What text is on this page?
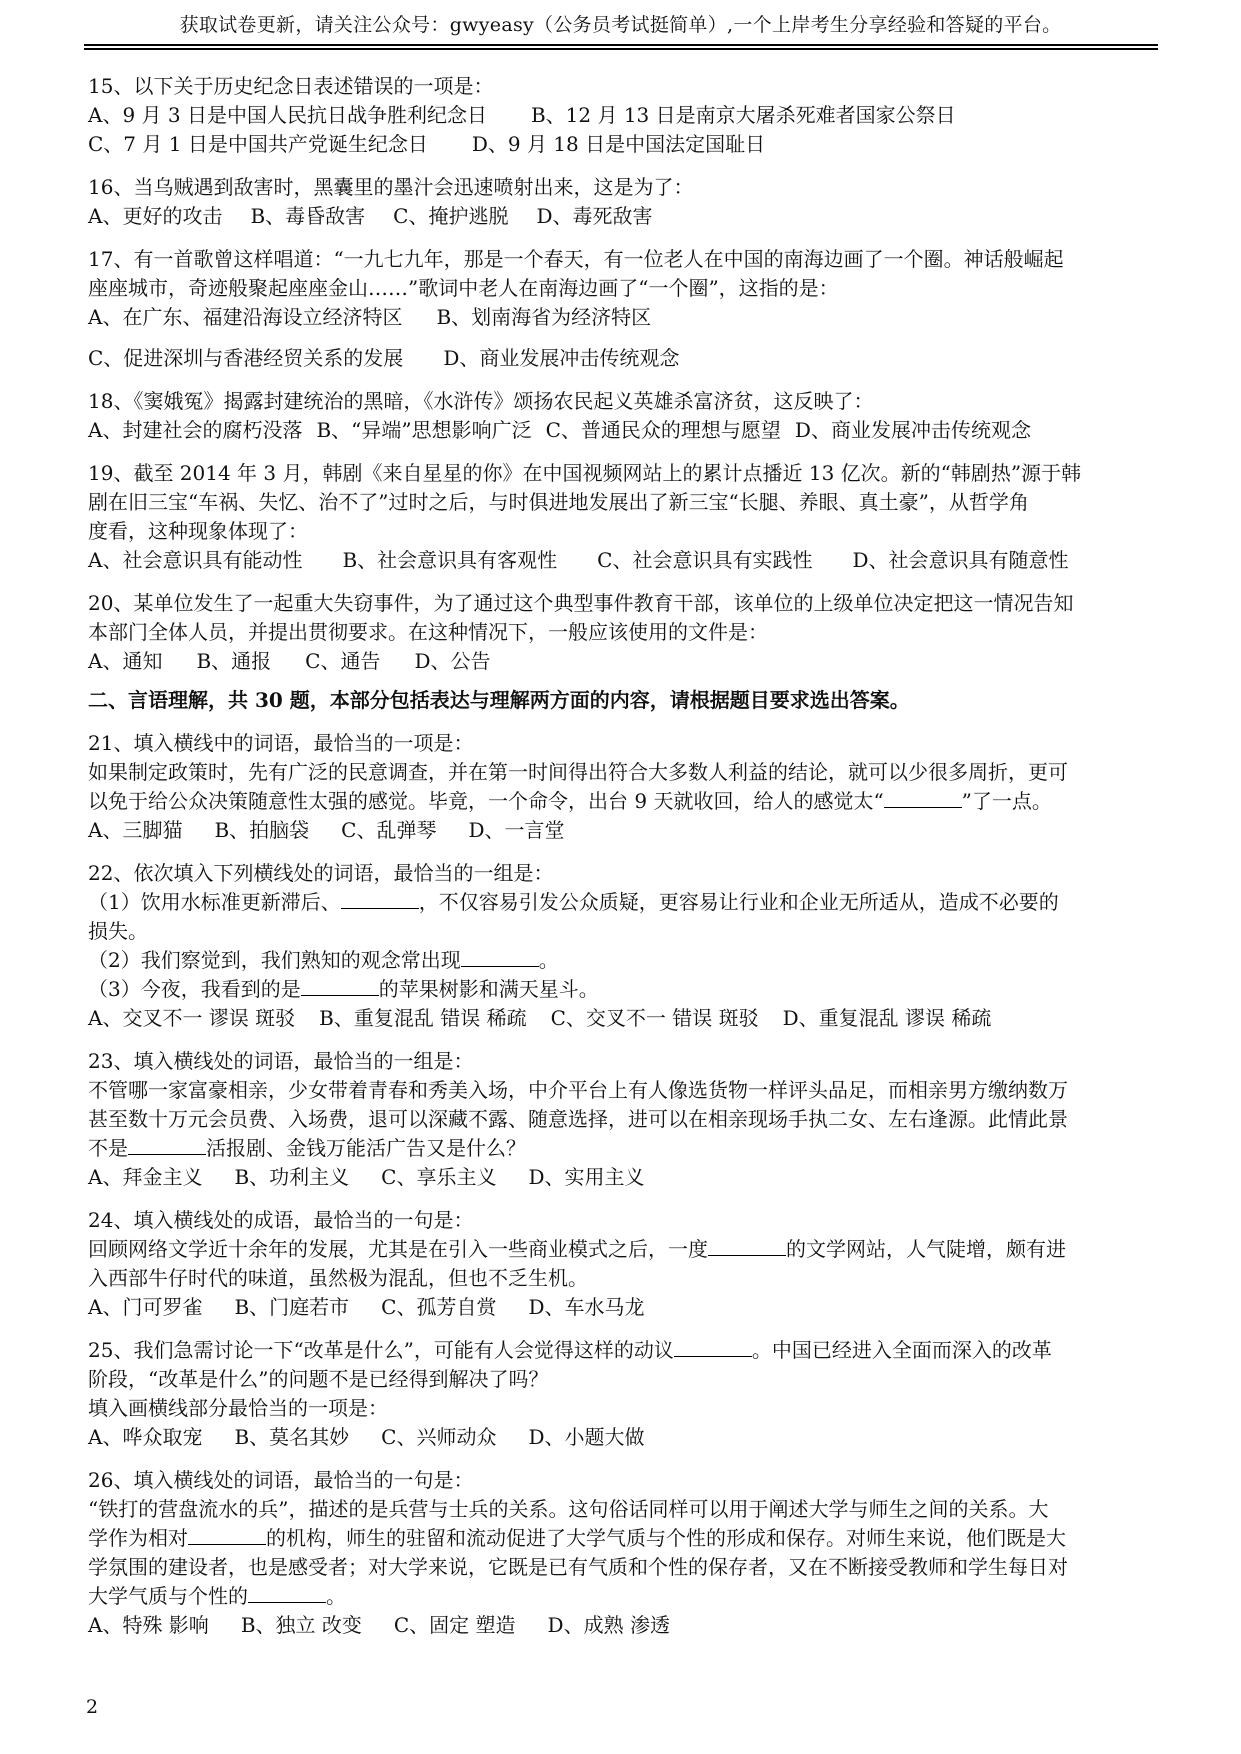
获取试卷更新，请关注公众号：gwyeasy（公务员考试挺简单）,一个上岸考生分享经验和答疑的平台。
15、以下关于历史纪念日表述错误的一项是：
A、9 月 3 日是中国人民抗日战争胜利纪念日 B、12 月 13 日是南京大屠杀死难者国家公祭日
C、7 月 1 日是中国共产党诞生纪念日 D、9 月 18 日是中国法定国耻日
16、当乌贼遇到敌害时，黑囊里的墨汁会迅速喷射出来，这是为了：
A、更好的攻击 B、毒昏敌害 C、掩护逃脱 D、毒死敌害
17、有一首歌曾这样唱道：“一九七九年，那是一个春天，有一位老人在中国的南海边画了一个圈。神话般崛起
座座城市，奇迹般聚起座座金山……”歌词中老人在南海边画了“一个圈”，这指的是：
A、在广东、福建沿海设立经济特区 B、划南海省为经济特区
C、促进深圳与香港经贸关系的发展 D、商业发展冲击传统观念
18、《窦娥冤》揭露封建统治的黑暗，《水浒传》颂扬农民起义英雄杀富济贫，这反映了：
A、封建社会的腐朽没落 B、“异端”思想影响广泛 C、普通民众的理想与愿望 D、商业发展冲击传统观念
19、截至 2014 年 3 月，韩剧《来自星星的你》在中国视频网站上的累计点播近 13 亿次。新的“韩剧热”源于韩
剧在旧三宝“车祸、失忆、治不了”过时之后，与时俱进地发展出了新三宝“长腿、养眼、真土豪”，从哲学角
度看，这种现象体现了：
A、社会意识具有能动性 B、社会意识具有客观性 C、社会意识具有实践性 D、社会意识具有随意性
20、某单位发生了一起重大失窃事件，为了通过这个典型事件教育干部，该单位的上级单位决定把这一情况告知
本部门全体人员，并提出贯彻要求。在这种情况下，一般应该使用的文件是：
A、通知 B、通报 C、通告 D、公告
二、言语理解，共 30 题，本部分包括表达与理解两方面的内容，请根据题目要求选出答案。
21、填入横线中的词语，最恰当的一项是：
如果制定政策时，先有广泛的民意调查，并在第一时间得出符合大多数人利益的结论，就可以少很多周折，更可
以免于给公众决策随意性太强的感觉。毕竟，一个命令，出台 9 天就收回，给人的感觉太“	”了一点。
A、三脚猫 B、拍脑袋 C、乱弹琴 D、一言堂
22、依次填入下列横线处的词语，最恰当的一组是：
（1）饮用水标准更新滞后、	，不仅容易引发公众质疑，更容易让行业和企业无所适从，造成不必要的
损失。
（2）我们察觉到，我们熟知的观念常出现	。
（3）今夜，我看到的是	的苹果树影和满天星斗。
A、交叉不一 谬误 斑驳 B、重复混乱 错误 稀疏 C、交叉不一 错误 斑驳 D、重复混乱 谬误 稀疏
23、填入横线处的词语，最恰当的一组是：
不管哪一家富豪相亲，少女带着青春和秀美入场，中介平台上有人像选货物一样评头品足，而相亲男方缴纳数万
甚至数十万元会员费、入场费，退可以深藏不露、随意选择，进可以在相亲现场手执二女、左右逢源。此情此景
不是	活报剧、金钱万能活广告又是什么？
A、拜金主义 B、功利主义 C、享乐主义 D、实用主义
24、填入横线处的成语，最恰当的一句是：
回顾网络文学近十余年的发展，尤其是在引入一些商业模式之后，一度	的文学网站，人气陡增，颇有进
入西部牛仔时代的味道，虽然极为混乱，但也不乏生机。
A、门可罗雀 B、门庭若市 C、孤芳自赏 D、车水马龙
25、我们急需讨论一下“改革是什么”，可能有人会觉得这样的动议	。中国已经进入全面而深入的改革
阶段，“改革是什么”的问题不是已经得到解决了吗？
填入画横线部分最恰当的一项是：
A、哗众取宠 B、莫名其妙 C、兴师动众 D、小题大做
26、填入横线处的词语，最恰当的一句是：
“铁打的营盘流水的兵”，描述的是兵营与士兵的关系。这句俗话同样可以用于阐述大学与师生之间的关系。大
学作为相对	的机构，师生的驻留和流动促进了大学气质与个性的形成和保存。对师生来说，他们既是大
学氛围的建设者，也是感受者；对大学来说，它既是已有气质和个性的保存者，又在不断接受教师和学生每日对
大学气质与个性的	。
A、特殊 影响 B、独立 改变 C、固定 塑造 D、成熟 渗透
2
